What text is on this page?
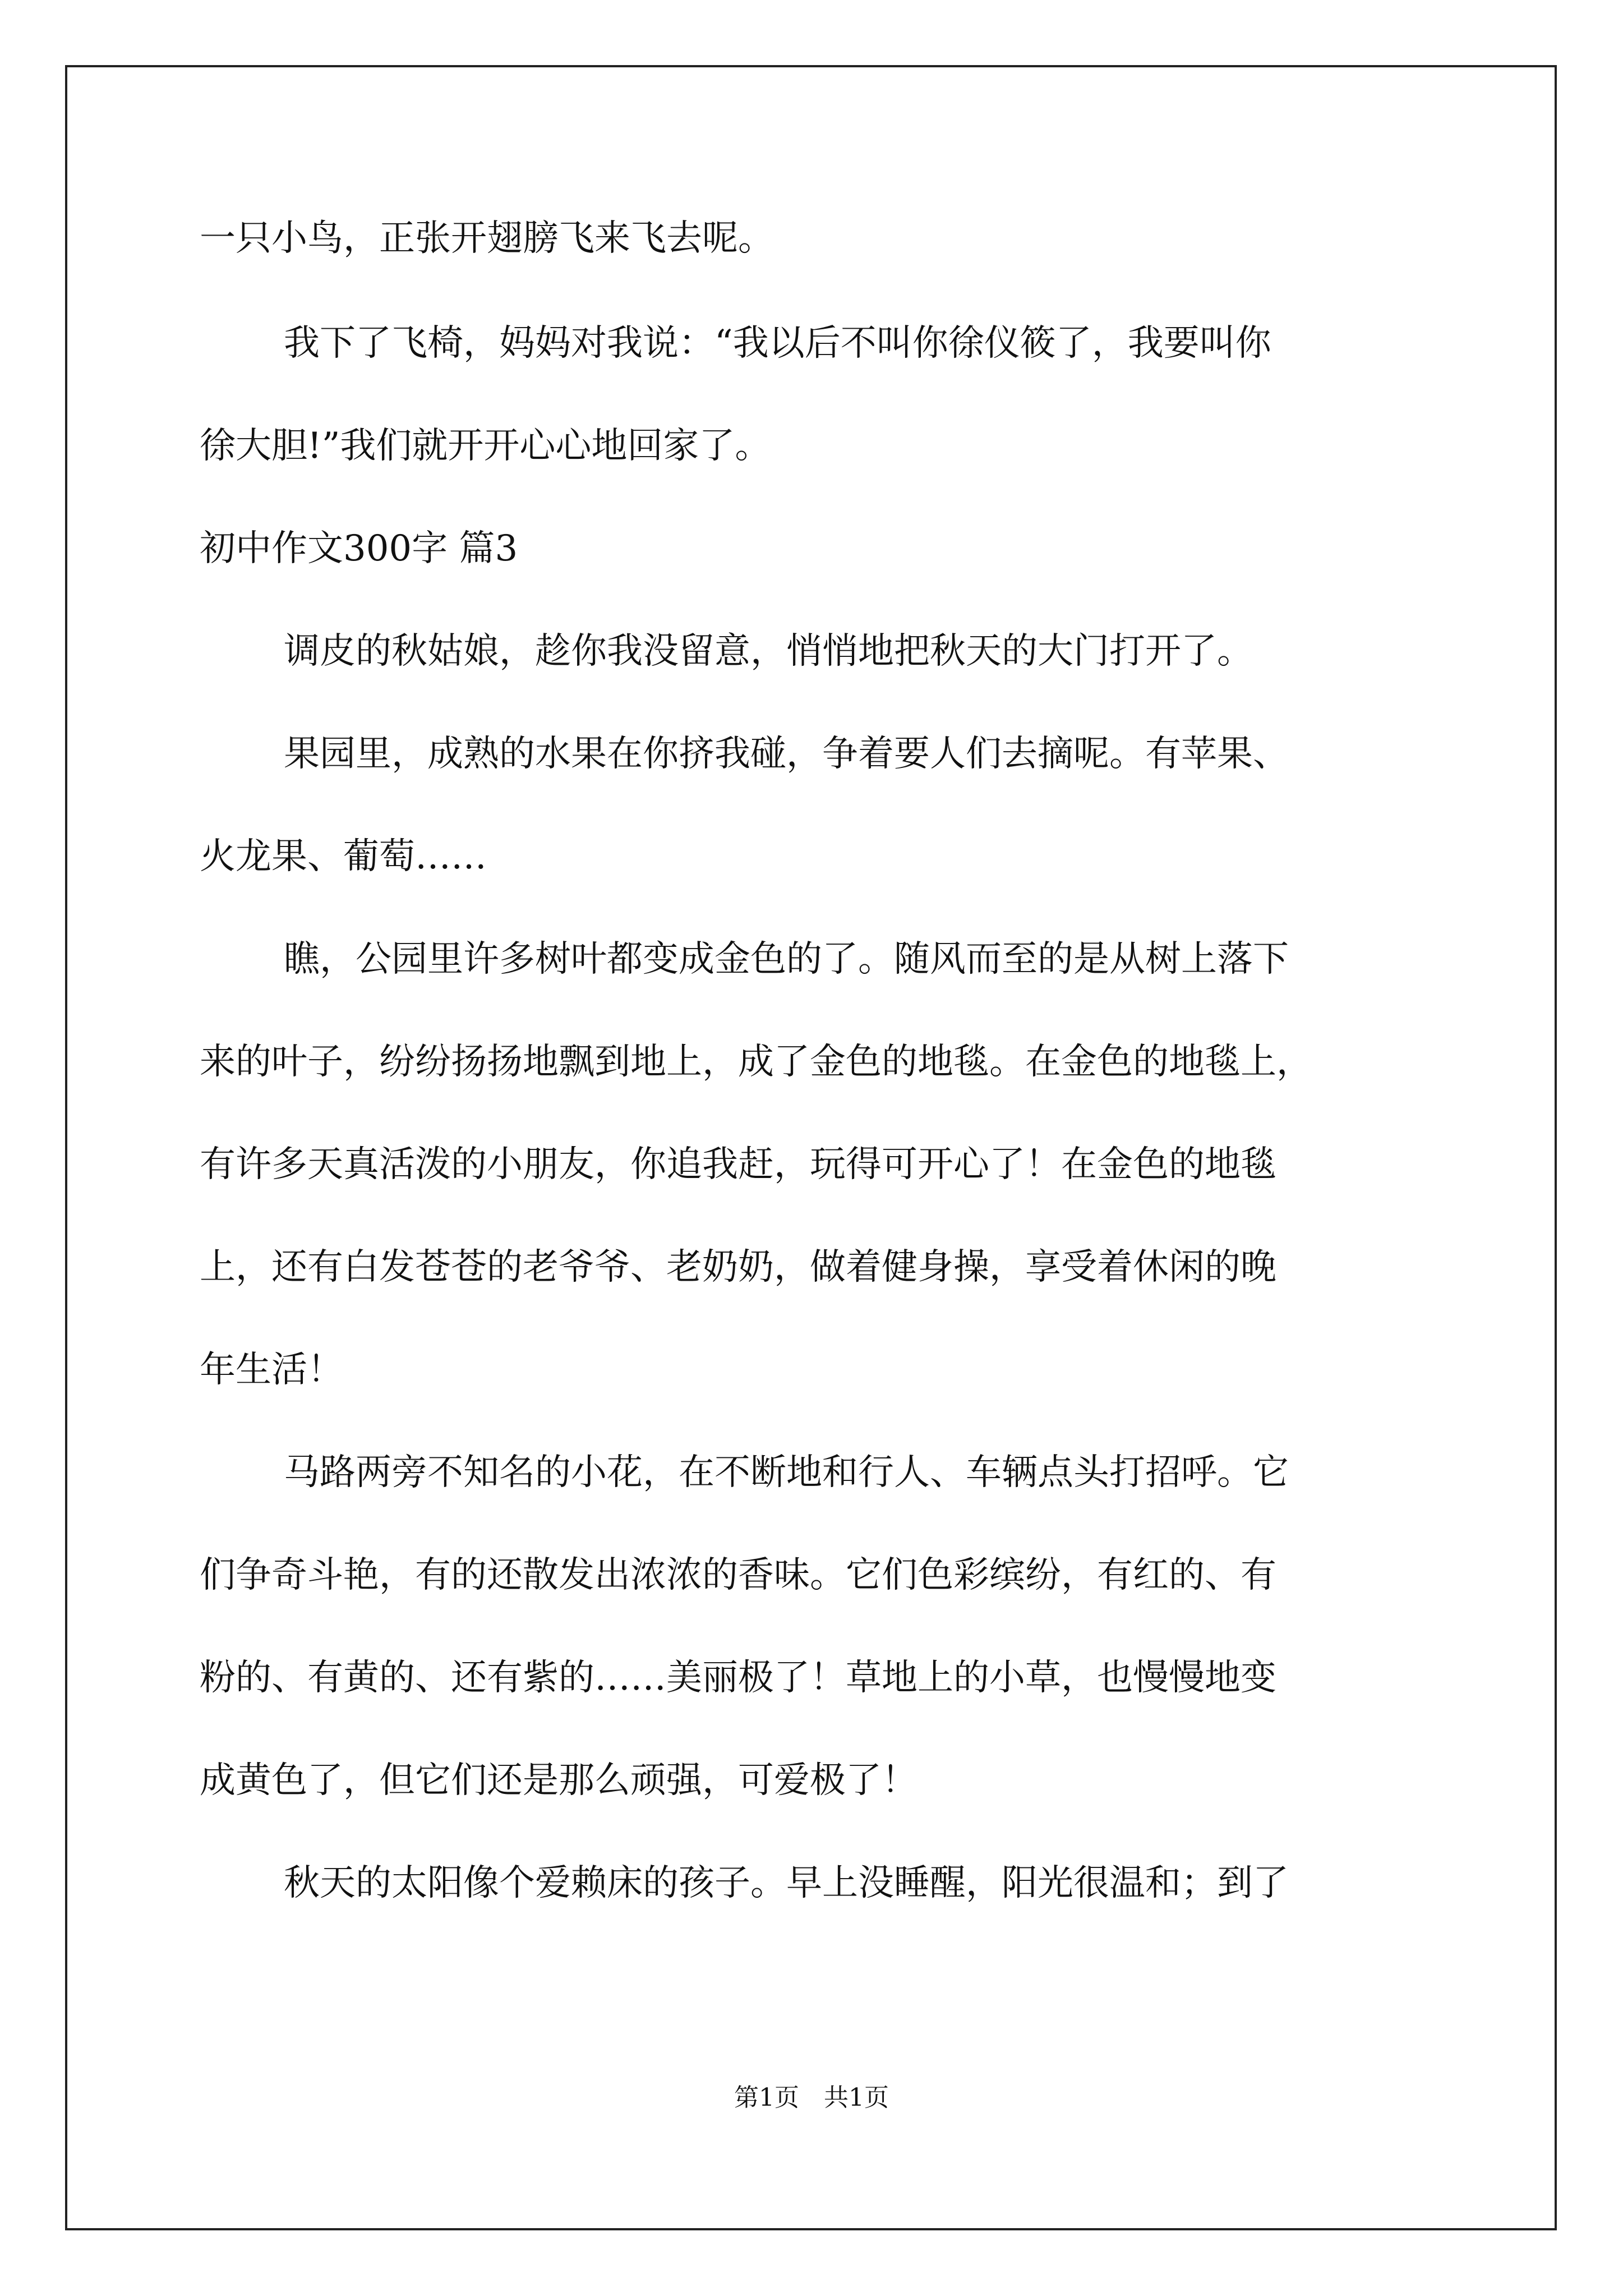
一只小鸟，正张开翅膀飞来飞去呢。
我下了飞椅，妈妈对我说：“我以后不叫你徐仪筱了，我要叫你
徐大胆!”我们就开开心心地回家了。
初中作文300字 篇3
调皮的秋姑娘，趁你我没留意，悄悄地把秋天的大门打开了。
果园里，成熟的水果在你挤我碰，争着要人们去摘呢。有苹果、
火龙果、葡萄……
瞧，公园里许多树叶都变成金色的了。随风而至的是从树上落下
来的叶子，纷纷扬扬地飘到地上，成了金色的地毯。在金色的地毯上，
有许多天真活泼的小朋友，你追我赶，玩得可开心了！在金色的地毯
上，还有白发苍苍的老爷爷、老奶奶，做着健身操，享受着休闲的晚
年生活！
马路两旁不知名的小花，在不断地和行人、车辆点头打招呼。它
们争奇斗艳，有的还散发出浓浓的香味。它们色彩缤纷，有红的、有
粉的、有黄的、还有紫的……美丽极了！草地上的小草，也慢慢地变
成黄色了，但它们还是那么顽强，可爱极了！
秋天的太阳像个爱赖床的孩子。早上没睡醒，阳光很温和；到了
第1页　共1页
